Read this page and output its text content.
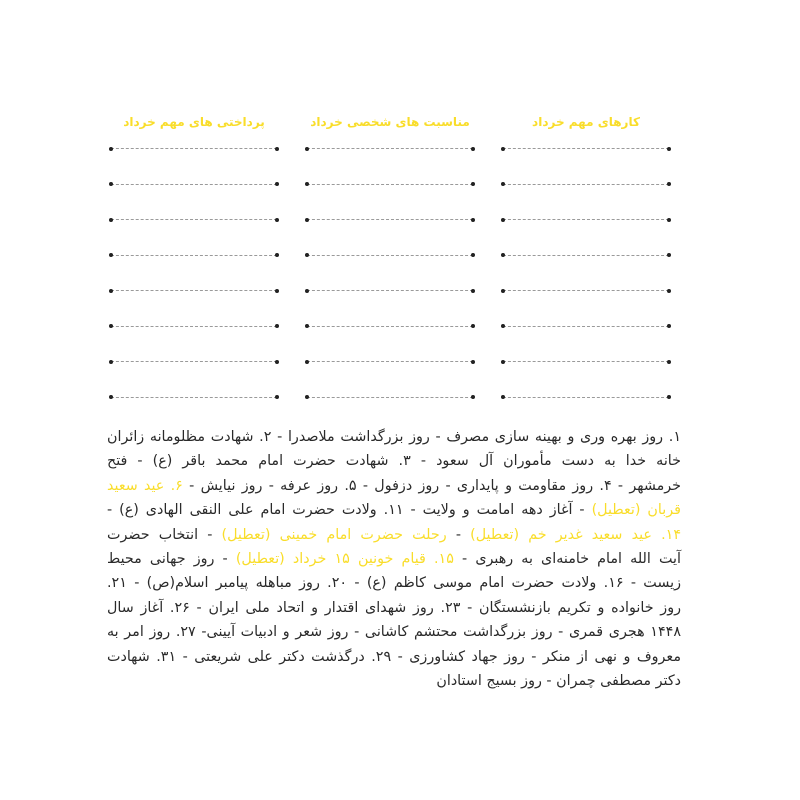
کارهای مهم خرداد
مناسبت های شخصی خرداد
پرداختی های مهم خرداد
۱. روز بهره وری و بهینه سازی مصرف - روز بزرگداشت ملاصدرا - ۲. شهادت مظلومانه زائران
خانه خدا به دست مأموران آل سعود - ۳. شهادت حضرت امام محمد باقر (ع) - فتح
خرمشهر - ۴. روز مقاومت و پایداری - روز دزفول - ۵. روز عرفه - روز نیایش - ۶. عید سعید
قربان (تعطیل) - آغاز دهه امامت و ولایت - ۱۱. ولادت حضرت امام علی النقی الهادی (ع) -
۱۴. عید سعید غدیر خم (تعطیل) - رحلت حضرت امام خمینی (تعطیل) - انتخاب حضرت
آیت الله امام خامنه‌ای به رهبری - ۱۵. قیام خونین ۱۵ خرداد (تعطیل) - روز جهانی محیط
زیست - ۱۶. ولادت حضرت امام موسی کاظم (ع) - ۲۰. روز مباهله پیامبر اسلام(ص) - ۲۱.
روز خانواده و تکریم بازنشستگان - ۲۳. روز شهدای اقتدار و اتحاد ملی ایران - ۲۶. آغاز سال
۱۴۴۸ هجری قمری - روز بزرگداشت محتشم کاشانی - روز شعر و ادبیات آیینی- ۲۷. روز امر به
معروف و نهی از منکر - روز جهاد کشاورزی - ۲۹. درگذشت دکتر علی شریعتی - ۳۱. شهادت
دکتر مصطفی چمران - روز بسیج استادان
